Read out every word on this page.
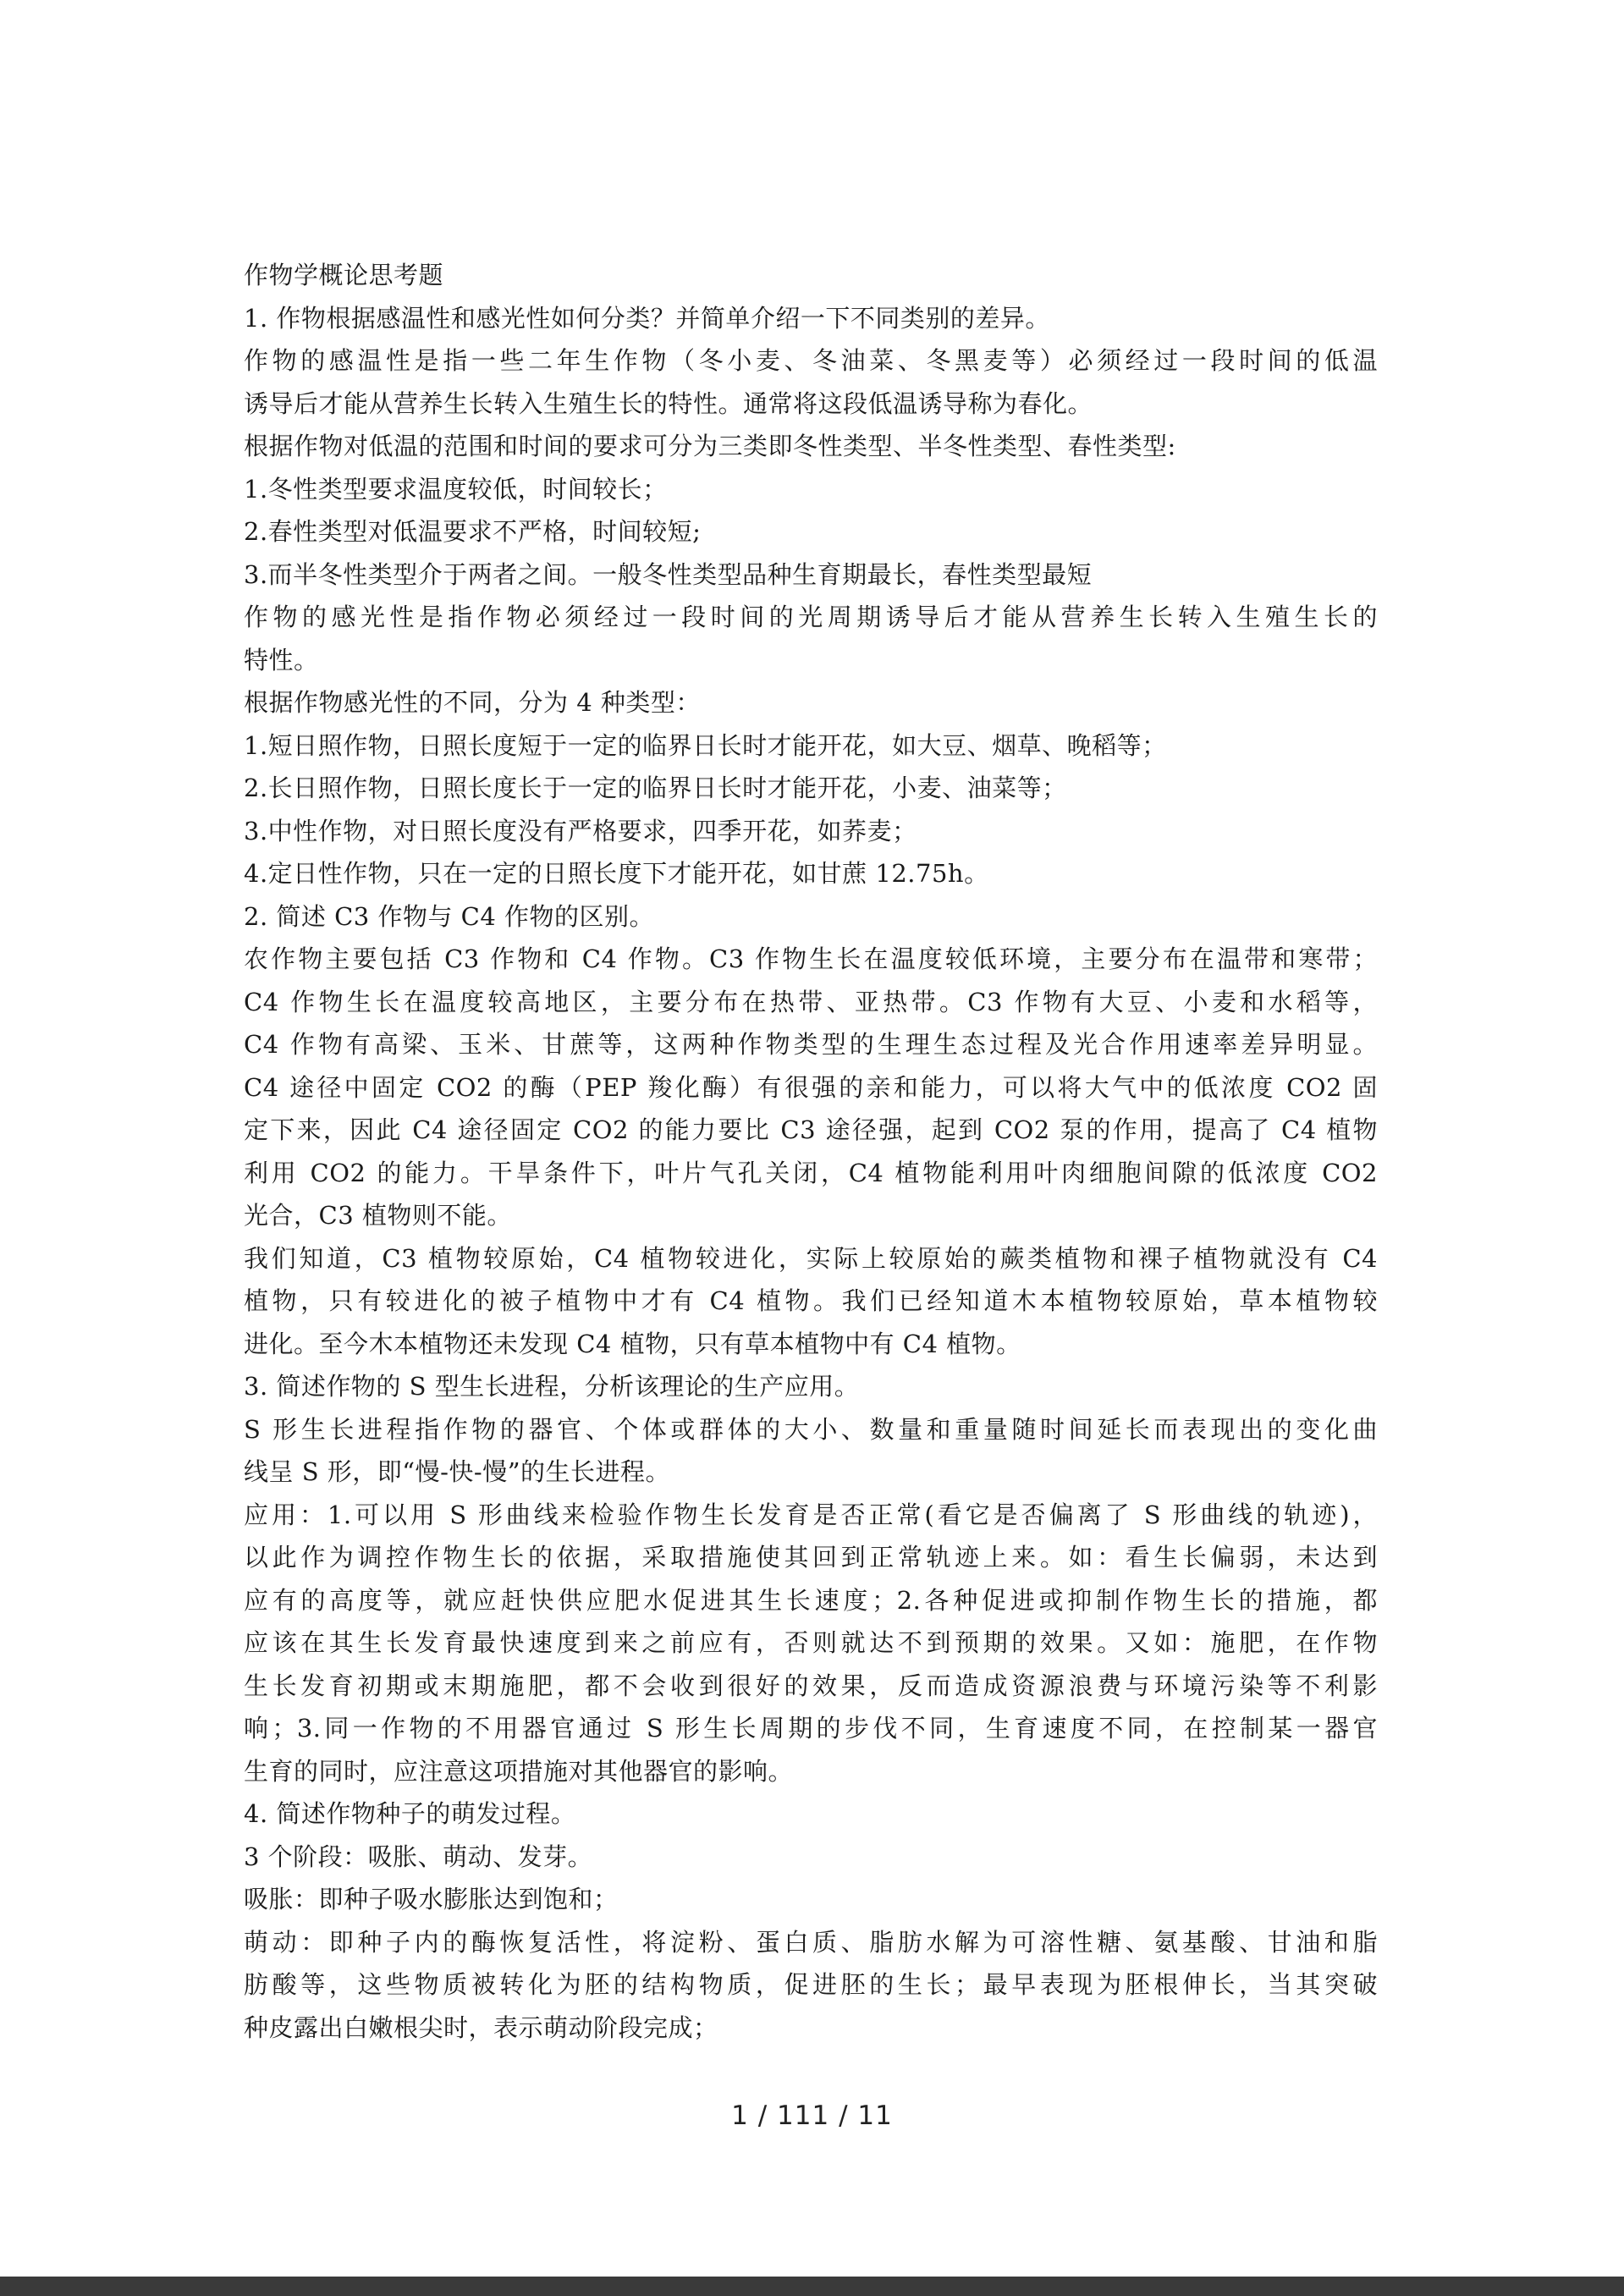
作物学概论思考题
1. 作物根据感温性和感光性如何分类？并简单介绍一下不同类别的差异。
作物的感温性是指一些二年生作物（冬小麦、冬油菜、冬黑麦等）必须经过一段时间的低温
诱导后才能从营养生长转入生殖生长的特性。通常将这段低温诱导称为春化。
根据作物对低温的范围和时间的要求可分为三类即冬性类型、半冬性类型、春性类型:
1.冬性类型要求温度较低，时间较长；
2.春性类型对低温要求不严格，时间较短;
3.而半冬性类型介于两者之间。一般冬性类型品种生育期最长，春性类型最短
作物的感光性是指作物必须经过一段时间的光周期诱导后才能从营养生长转入生殖生长的
特性。
根据作物感光性的不同，分为 4 种类型：
1.短日照作物，日照长度短于一定的临界日长时才能开花，如大豆、烟草、晚稻等；
2.长日照作物，日照长度长于一定的临界日长时才能开花，小麦、油菜等；
3.中性作物，对日照长度没有严格要求，四季开花，如荞麦；
4.定日性作物，只在一定的日照长度下才能开花，如甘蔗 12.75h。
2. 简述 C3 作物与 C4 作物的区别。
农作物主要包括 C3 作物和 C4 作物。C3 作物生长在温度较低环境，主要分布在温带和寒带；
C4 作物生长在温度较高地区，主要分布在热带、亚热带。C3 作物有大豆、小麦和水稻等，
C4 作物有高梁、玉米、甘蔗等，这两种作物类型的生理生态过程及光合作用速率差异明显。
C4 途径中固定 CO2 的酶（PEP 羧化酶）有很强的亲和能力，可以将大气中的低浓度 CO2 固
定下来，因此 C4 途径固定 CO2 的能力要比 C3 途径强，起到 CO2 泵的作用，提高了 C4 植物
利用 CO2 的能力。干旱条件下，叶片气孔关闭，C4 植物能利用叶肉细胞间隙的低浓度 CO2
光合，C3 植物则不能。
我们知道，C3 植物较原始，C4 植物较进化，实际上较原始的蕨类植物和裸子植物就没有 C4
植物，只有较进化的被子植物中才有 C4 植物。我们已经知道木本植物较原始，草本植物较
进化。至今木本植物还未发现 C4 植物，只有草本植物中有 C4 植物。
3. 简述作物的 S 型生长进程，分析该理论的生产应用。
S 形生长进程指作物的器官、个体或群体的大小、数量和重量随时间延长而表现出的变化曲
线呈 S 形，即“慢-快-慢”的生长进程。
应用：1.可以用 S 形曲线来检验作物生长发育是否正常(看它是否偏离了 S 形曲线的轨迹)，
以此作为调控作物生长的依据，采取措施使其回到正常轨迹上来。如：看生长偏弱，未达到
应有的高度等，就应赶快供应肥水促进其生长速度；2.各种促进或抑制作物生长的措施，都
应该在其生长发育最快速度到来之前应有，否则就达不到预期的效果。又如：施肥，在作物
生长发育初期或末期施肥，都不会收到很好的效果，反而造成资源浪费与环境污染等不利影
响；3.同一作物的不用器官通过 S 形生长周期的步伐不同，生育速度不同，在控制某一器官
生育的同时，应注意这项措施对其他器官的影响。
4. 简述作物种子的萌发过程。
3 个阶段：吸胀、萌动、发芽。
吸胀：即种子吸水膨胀达到饱和；
萌动：即种子内的酶恢复活性，将淀粉、蛋白质、脂肪水解为可溶性糖、氨基酸、甘油和脂
肪酸等，这些物质被转化为胚的结构物质，促进胚的生长；最早表现为胚根伸长，当其突破
种皮露出白嫩根尖时，表示萌动阶段完成；
1 / 111 / 11
